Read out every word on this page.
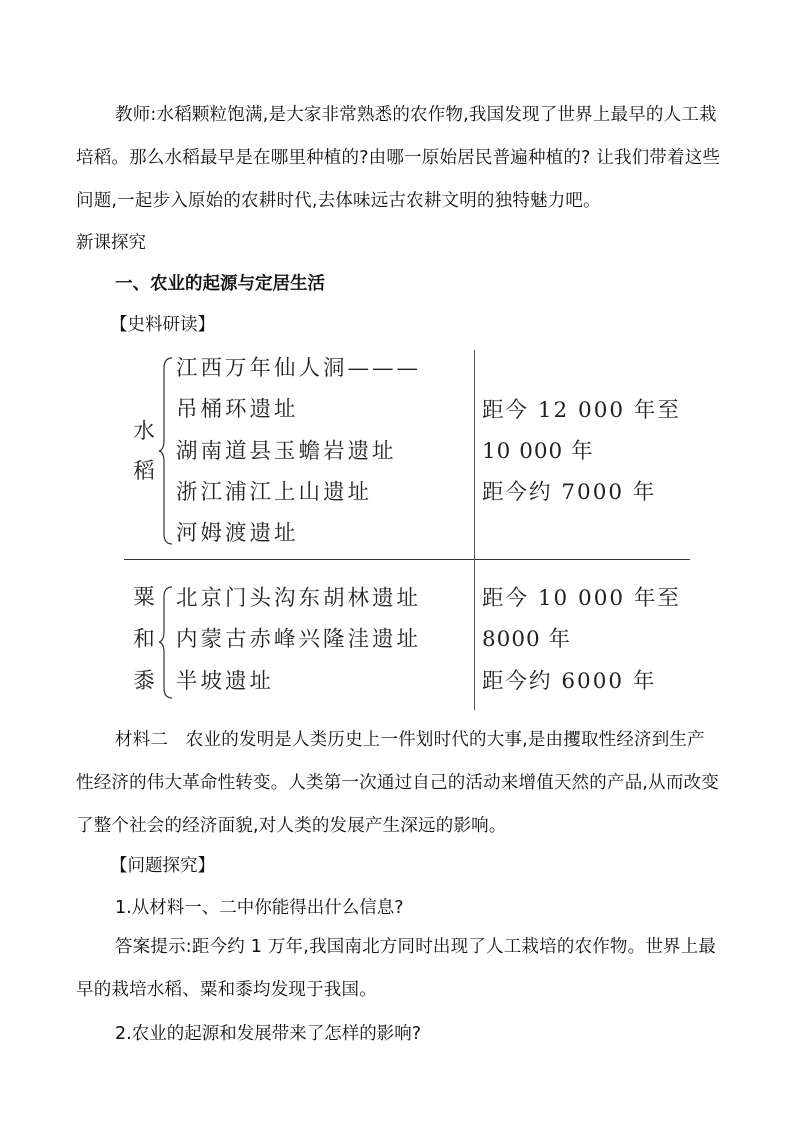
教师:水稻颗粒饱满,是大家非常熟悉的农作物,我国发现了世界上最早的人工栽培稻。那么水稻最早是在哪里种植的?由哪一原始居民普遍种植的? 让我们带着这些问题,一起步入原始的农耕时代,去体味远古农耕文明的独特魅力吧。

新课探究
一、农业的起源与定居生活
【史料研读】
水
稻
江西万年仙人洞———
吊桶环遗址
湖南道县玉蟾岩遗址
浙江浦江上山遗址
河姆渡遗址
距今 12 000 年至
10 000 年
距今约 7000 年
粟
和
黍
北京门头沟东胡林遗址
内蒙古赤峰兴隆洼遗址
半坡遗址
距今 10 000 年至
8000 年
距今约 6000 年

材料二　农业的发明是人类历史上一件划时代的大事,是由攫取性经济到生产性经济的伟大革命性转变。人类第一次通过自己的活动来增值天然的产品,从而改变了整个社会的经济面貌,对人类的发展产生深远的影响。

【问题探究】
1.从材料一、二中你能得出什么信息?

答案提示:距今约 1 万年,我国南北方同时出现了人工栽培的农作物。世界上最早的栽培水稻、粟和黍均发现于我国。

2.农业的起源和发展带来了怎样的影响?
